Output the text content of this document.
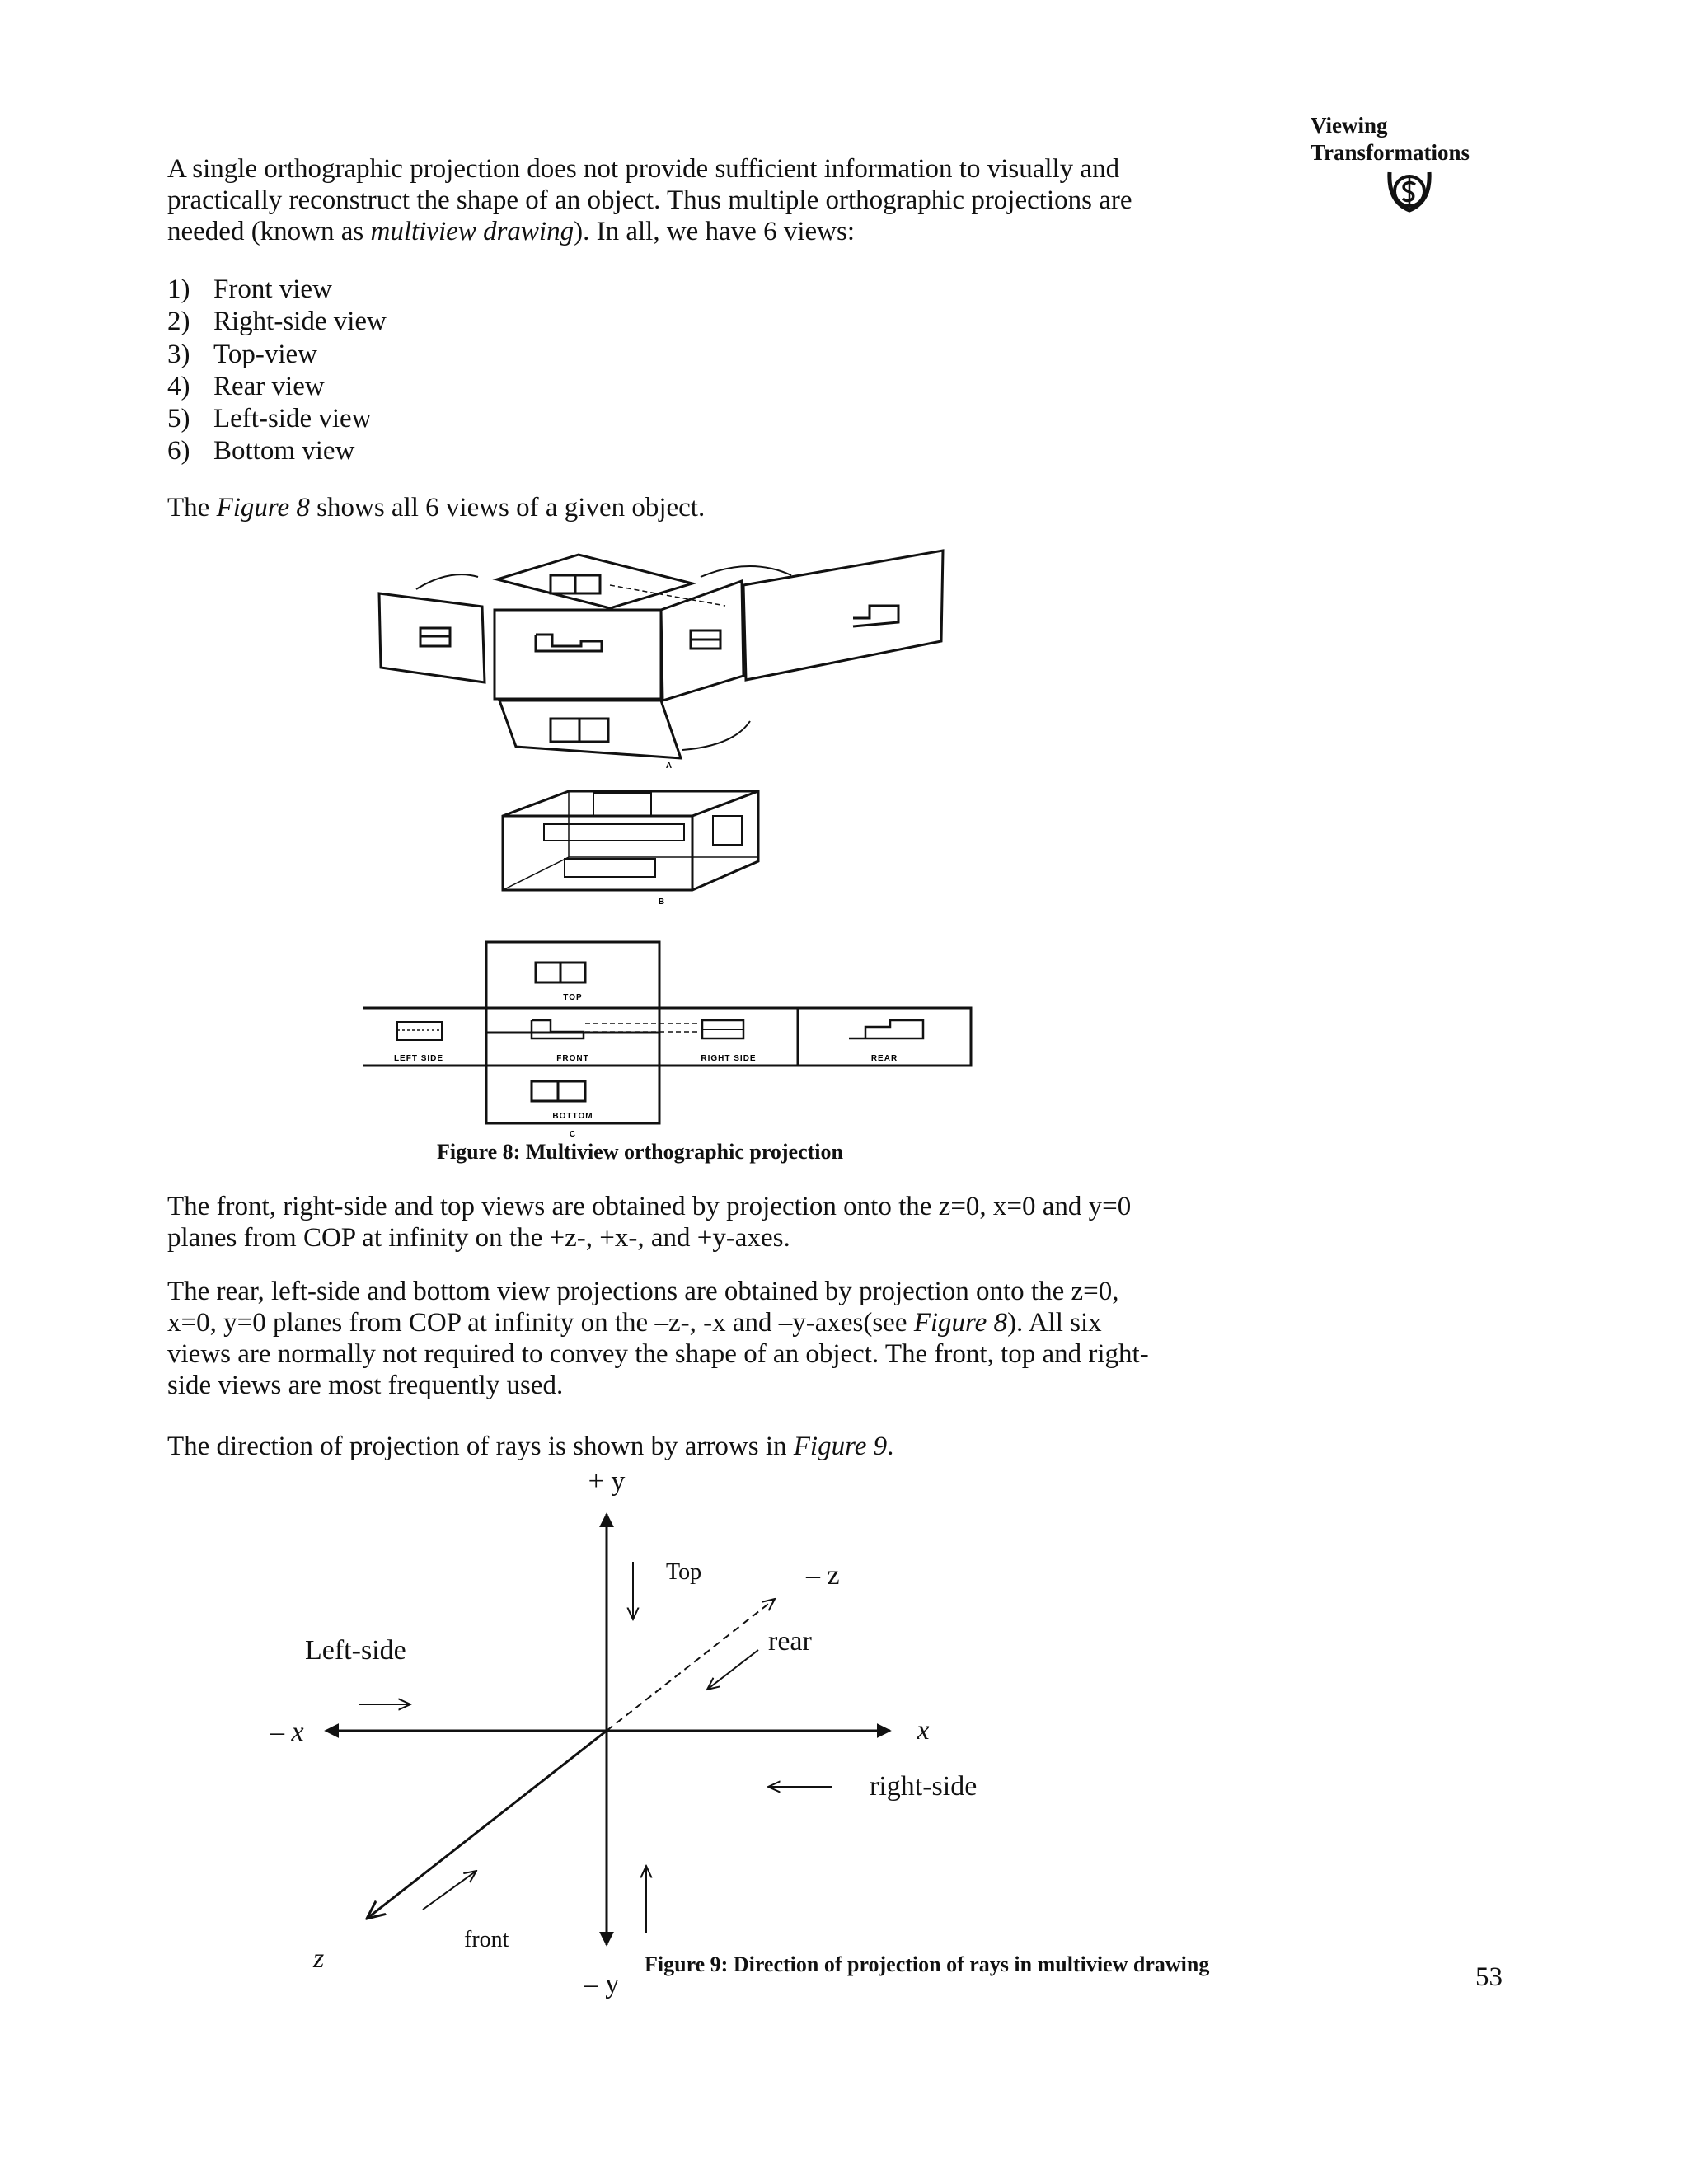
Viewing
Transformations

A single orthographic projection does not provide sufficient information to visually and practically reconstruct the shape of an object. Thus multiple orthographic projections are needed (known as multiview drawing). In all, we have 6 views:

1) Front view
2) Right-side view
3) Top-view
4) Rear view
5) Left-side view
6) Bottom view

The Figure 8 shows all 6 views of a given object.

A
B
TOP
LEFT SIDE	FRONT	RIGHT SIDE	REAR
BOTTOM
C
Figure 8: Multiview orthographic projection

The front, right-side and top views are obtained by projection onto the z=0, x=0 and y=0 planes from COP at infinity on the +z-, +x-, and +y-axes.

The rear, left-side and bottom view projections are obtained by projection onto the z=0, x=0, y=0 planes from COP at infinity on the –z-, -x and –y-axes(see Figure 8). All six views are normally not required to convey the shape of an object. The front, top and right-side views are most frequently used.

The direction of projection of rays is shown by arrows in Figure 9.

+ y
– y
x
– x
z
– z
Top
rear
Left-side
right-side
front
Figure 9: Direction of projection of rays in multiview drawing	53
